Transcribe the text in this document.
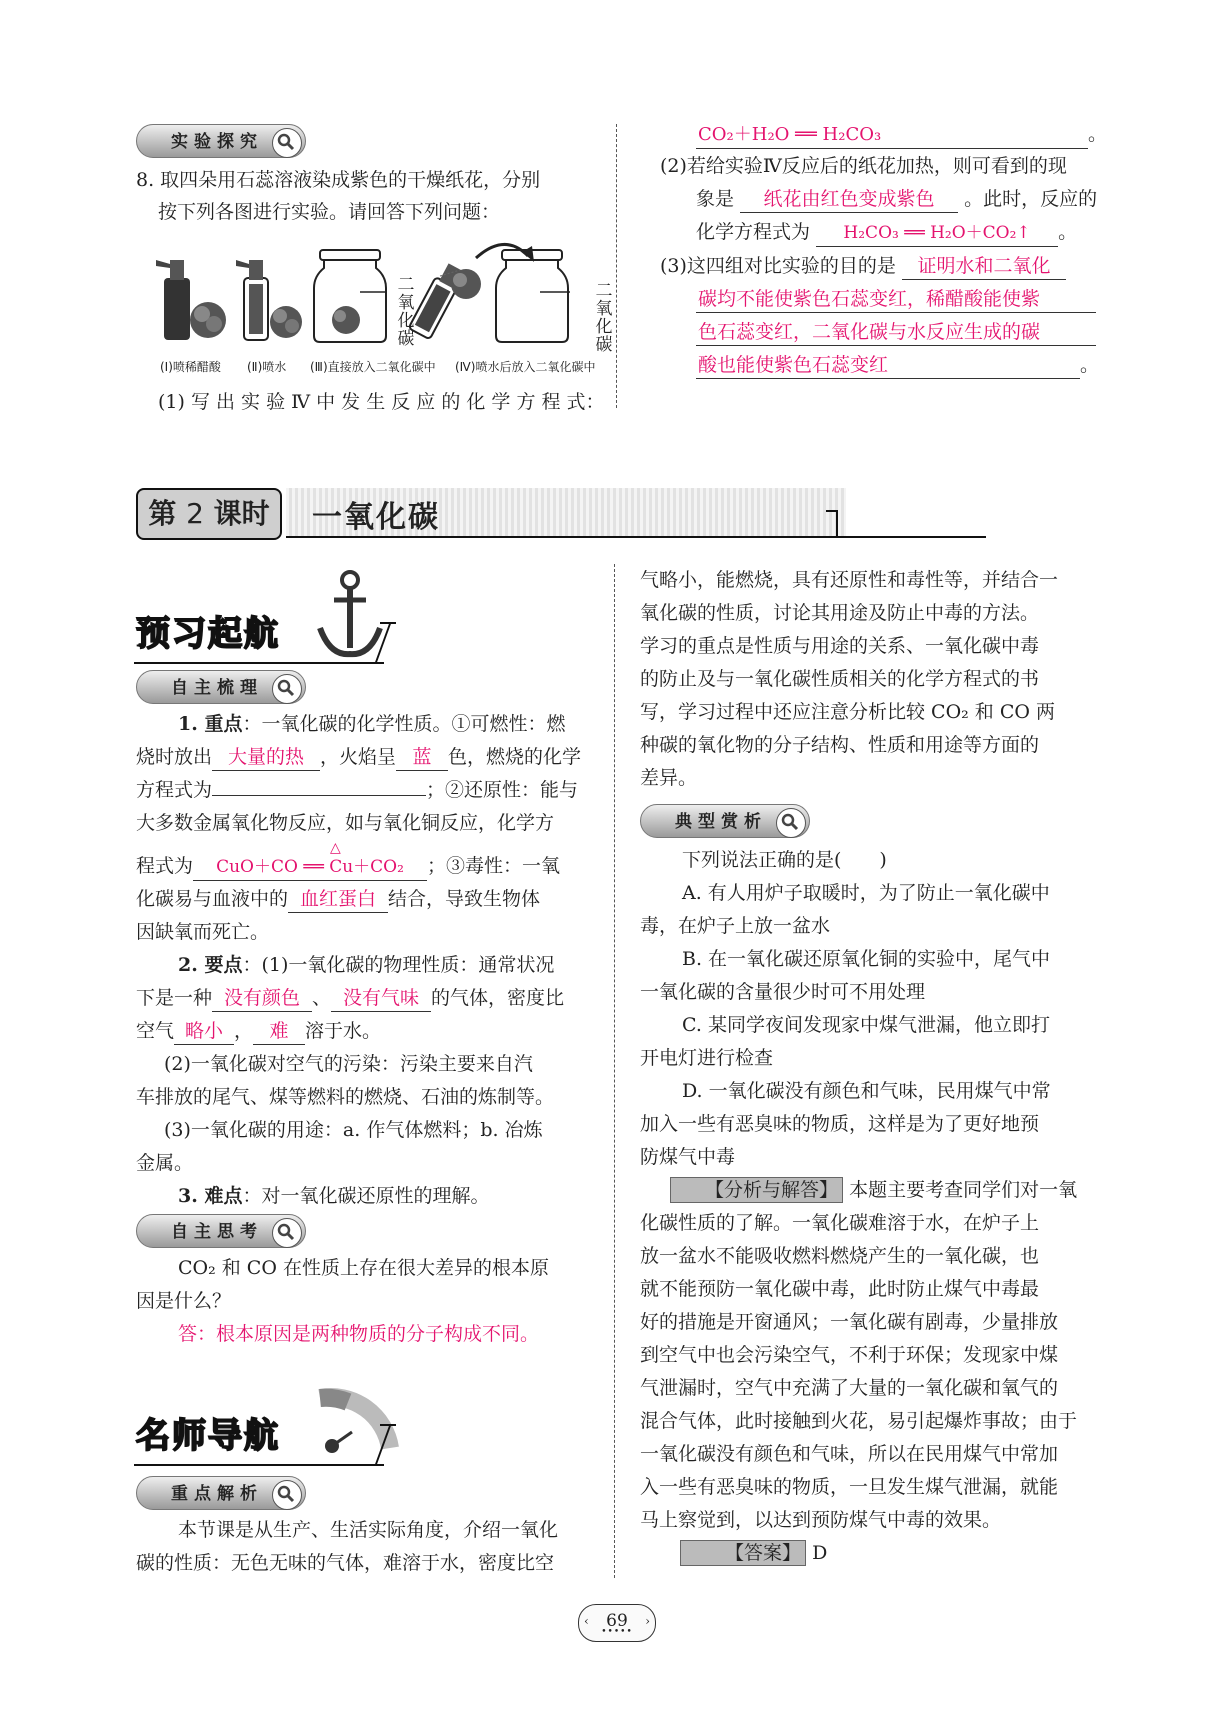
实验探究

8. 取四朵用石蕊溶液染成紫色的干燥纸花，分别

按下列各图进行实验。请回答下列问题：

二
氧
化
碳
二
氧
化
碳
(Ⅰ)喷稀醋酸 (Ⅱ)喷水 (Ⅲ)直接放入二氧化碳中 (Ⅳ)喷水后放入二氧化碳中

(1) 写 出 实 验 Ⅳ 中 发 生 反 应 的 化 学 方 程 式：

CO₂＋H₂O ══ H₂CO₃	。

(2)若给实验Ⅳ反应后的纸花加热，则可看到的现

象是 纸花由红色变成紫色 。此时，反应的

化学方程式为 H₂CO₃ ══ H₂O＋CO₂↑ 。

(3)这四组对比实验的目的是 证明水和二氧化

碳均不能使紫色石蕊变红，稀醋酸能使紫

色石蕊变红，二氧化碳与水反应生成的碳

酸也能使紫色石蕊变红	。

第 2 课时	一氧化碳
预习起航
自主梳理

1. 重点：一氧化碳的化学性质。①可燃性：燃

烧时放出 大量的热 ，火焰呈 蓝 色，燃烧的化学

方程式为	；②还原性：能与

大多数金属氧化物反应，如与氧化铜反应，化学方

程式为 CuO＋CO ══ Cu＋CO₂ ；③毒性：一氧
△

化碳易与血液中的 血红蛋白 结合，导致生物体

因缺氧而死亡。

2. 要点：(1)一氧化碳的物理性质：通常状况

下是一种 没有颜色 、 没有气味 的气体，密度比

空气 略小 ， 难 溶于水。

(2)一氧化碳对空气的污染：污染主要来自汽

车排放的尾气、煤等燃料的燃烧、石油的炼制等。

(3)一氧化碳的用途：a. 作气体燃料；b. 冶炼

金属。

3. 难点：对一氧化碳还原性的理解。

自主思考

CO₂ 和 CO 在性质上存在很大差异的根本原

因是什么？

答：根本原因是两种物质的分子构成不同。

名师导航
重点解析

本节课是从生产、生活实际角度，介绍一氧化

碳的性质：无色无味的气体，难溶于水，密度比空

气略小，能燃烧，具有还原性和毒性等，并结合一

氧化碳的性质，讨论其用途及防止中毒的方法。

学习的重点是性质与用途的关系、一氧化碳中毒

的防止及与一氧化碳性质相关的化学方程式的书

写，学习过程中还应注意分析比较 CO₂ 和 CO 两

种碳的氧化物的分子结构、性质和用途等方面的

差异。

典型赏析

下列说法正确的是(　　)

A. 有人用炉子取暖时，为了防止一氧化碳中

毒，在炉子上放一盆水

B. 在一氧化碳还原氧化铜的实验中，尾气中

一氧化碳的含量很少时可不用处理

C. 某同学夜间发现家中煤气泄漏，他立即打

开电灯进行检查

D. 一氧化碳没有颜色和气味，民用煤气中常

加入一些有恶臭味的物质，这样是为了更好地预

防煤气中毒

【分析与解答】 本题主要考查同学们对一氧

化碳性质的了解。一氧化碳难溶于水，在炉子上

放一盆水不能吸收燃料燃烧产生的一氧化碳，也

就不能预防一氧化碳中毒，此时防止煤气中毒最

好的措施是开窗通风；一氧化碳有剧毒，少量排放

到空气中也会污染空气，不利于环保；发现家中煤

气泄漏时，空气中充满了大量的一氧化碳和氧气的

混合气体，此时接触到火花，易引起爆炸事故；由于

一氧化碳没有颜色和气味，所以在民用煤气中常加

入一些有恶臭味的物质，一旦发生煤气泄漏，就能

马上察觉到，以达到预防煤气中毒的效果。

【答案】 D

‹	69	›
•••••
